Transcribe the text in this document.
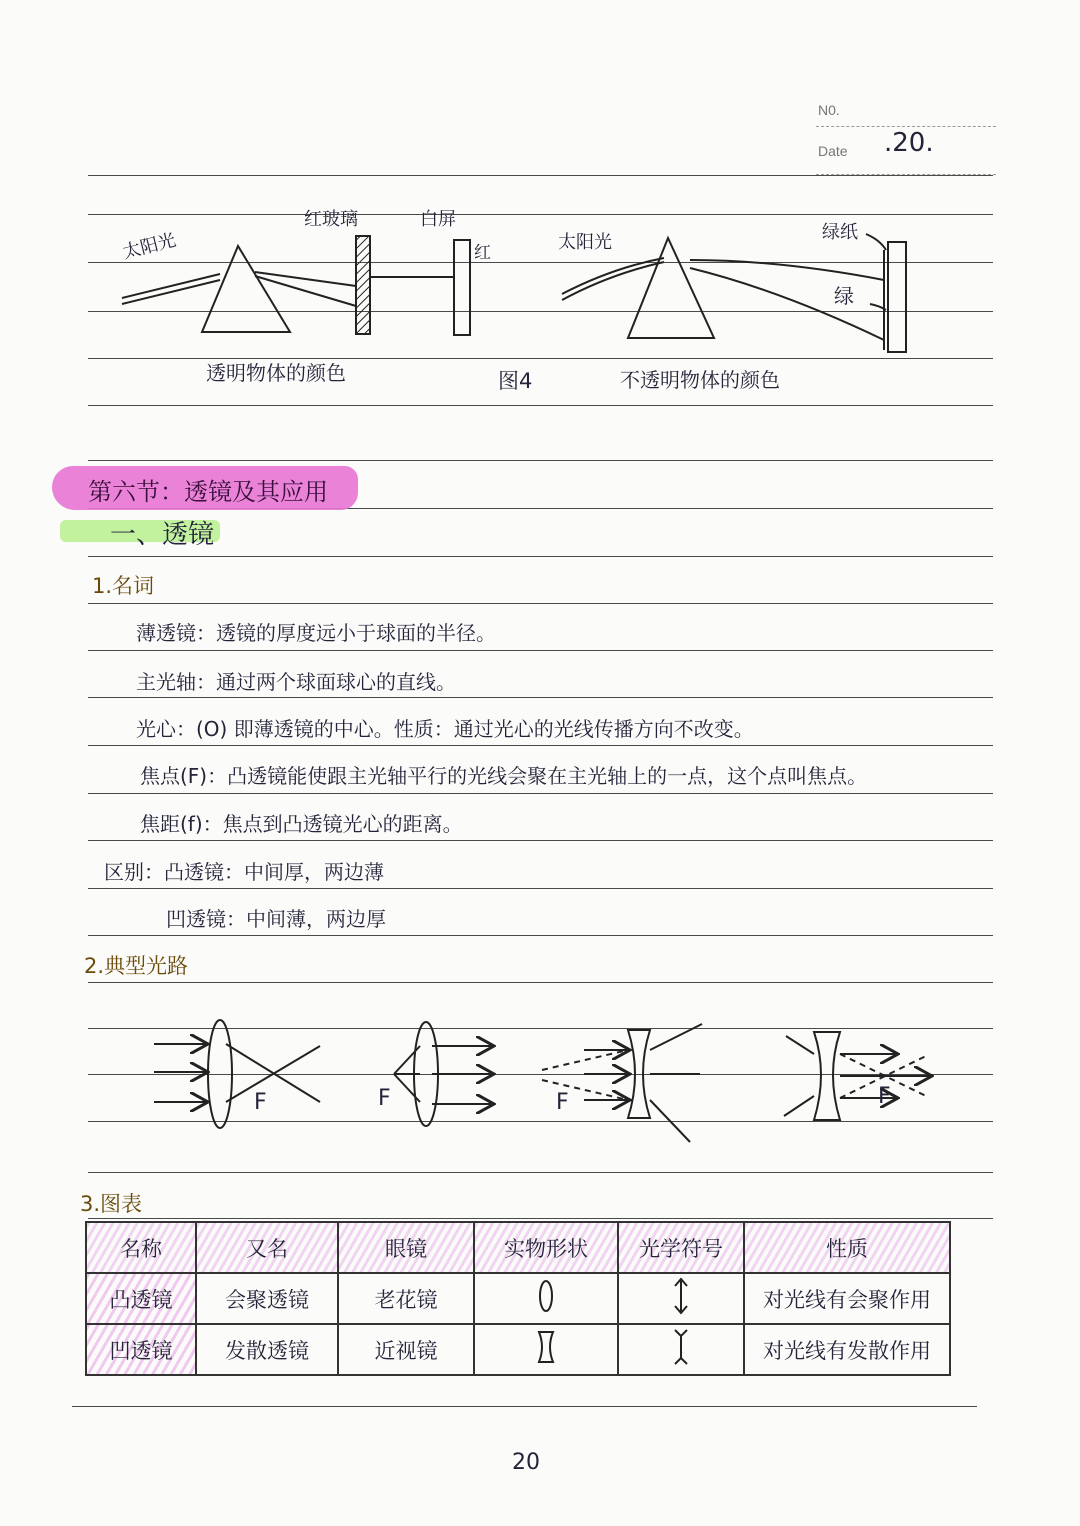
N0.
Date .20.
太阳光
红玻璃	白屏
红
透明物体的颜色	图4
太阳光	绿纸
绿
不透明物体的颜色
第六节：透镜及其应用
一、透镜
1.名词
薄透镜：透镜的厚度远小于球面的半径。
主光轴：通过两个球面球心的直线。
光心：(O) 即薄透镜的中心。性质：通过光心的光线传播方向不改变。
焦点(F)：凸透镜能使跟主光轴平行的光线会聚在主光轴上的一点，这个点叫焦点。
焦距(f)：焦点到凸透镜光心的距离。
区别： 凸透镜：中间厚，两边薄
凹透镜：中间薄，两边厚
2.典型光路
F	F	F	F
3.图表
名称	又名	眼镜	实物形状	光学符号	性质
凸透镜	会聚透镜	老花镜			对光线有会聚作用
凹透镜	发散透镜	近视镜			对光线有发散作用
20
